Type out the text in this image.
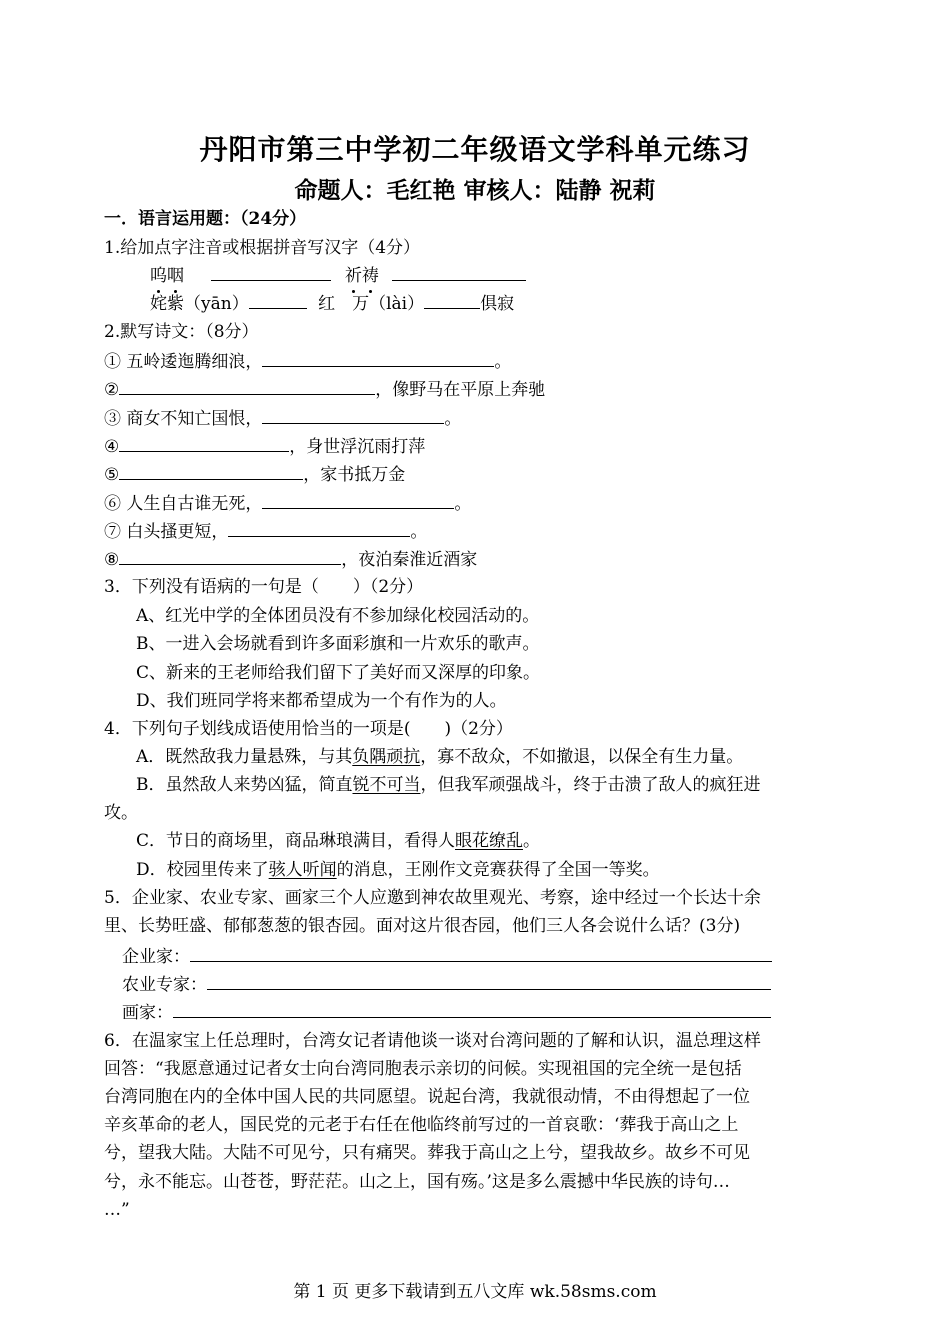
丹阳市第三中学初二年级语文学科单元练习
命题人：毛红艳 审核人：陆静 祝莉
一．语言运用题：（24分）
1.给加点字注音或根据拼音写汉字（4分）
呜咽	祈祷
姹紫（yān）	红　万（lài）	俱寂
2.默写诗文：（8分）
① 五岭逶迤腾细浪，	。
②	，像野马在平原上奔驰
③ 商女不知亡国恨，	。
④	，身世浮沉雨打萍
⑤	，家书抵万金
⑥ 人生自古谁无死，	。
⑦ 白头搔更短，	。
⑧	，夜泊秦淮近酒家
3．下列没有语病的一句是（　　）（2分）
A、红光中学的全体团员没有不参加绿化校园活动的。
B、一进入会场就看到许多面彩旗和一片欢乐的歌声。
C、新来的王老师给我们留下了美好而又深厚的印象。
D、我们班同学将来都希望成为一个有作为的人。
4．下列句子划线成语使用恰当的一项是(　　)（2分）
A．既然敌我力量悬殊，与其负隅顽抗，寡不敌众，不如撤退，以保全有生力量。
B．虽然敌人来势凶猛，简直锐不可当，但我军顽强战斗，终于击溃了敌人的疯狂进
攻。
C．节日的商场里，商品琳琅满目，看得人眼花缭乱。
D．校园里传来了骇人听闻的消息，王刚作文竞赛获得了全国一等奖。
5．企业家、农业专家、画家三个人应邀到神农故里观光、考察，途中经过一个长达十余
里、长势旺盛、郁郁葱葱的银杏园。面对这片很杏园，他们三人各会说什么话？(3分)
企业家：
农业专家：
画家：
6．在温家宝上任总理时，台湾女记者请他谈一谈对台湾问题的了解和认识，温总理这样
回答：“我愿意通过记者女士向台湾同胞表示亲切的问候。实现祖国的完全统一是包括
台湾同胞在内的全体中国人民的共同愿望。说起台湾，我就很动情，不由得想起了一位
辛亥革命的老人，国民党的元老于右任在他临终前写过的一首哀歌：‘葬我于高山之上
兮，望我大陆。大陆不可见兮，只有痛哭。葬我于高山之上兮，望我故乡。故乡不可见
兮，永不能忘。山苍苍，野茫茫。山之上，国有殇。’这是多么震撼中华民族的诗句…
…”
第 1 页 更多下载请到五八文库 wk.58sms.com
